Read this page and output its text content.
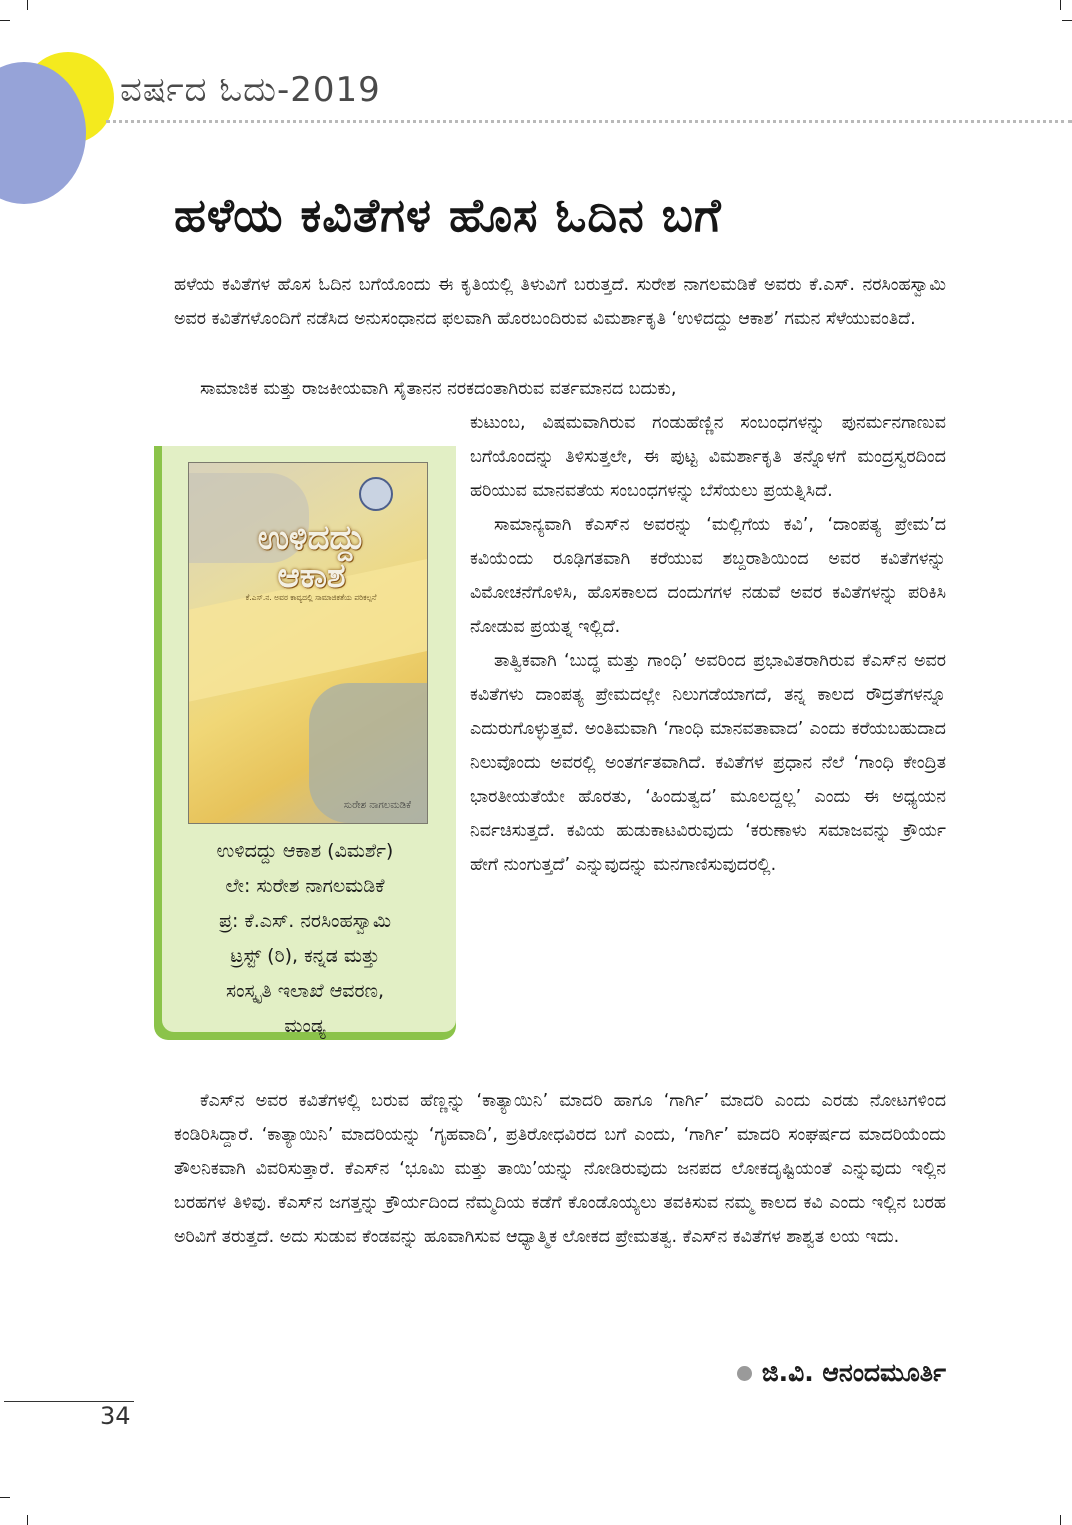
ವರ್ಷದ ಓದು-2019
ಹಳೆಯ ಕವಿತೆಗಳ ಹೊಸ ಓದಿನ ಬಗೆ

ಹಳೆಯ ಕವಿತೆಗಳ ಹೊಸ ಓದಿನ ಬಗೆಯೊಂದು ಈ ಕೃತಿಯಲ್ಲಿ ತಿಳುವಿಗೆ ಬರುತ್ತದೆ. ಸುರೇಶ ನಾಗಲಮಡಿಕೆ ಅವರು ಕೆ.ಎಸ್. ನರಸಿಂಹಸ್ವಾಮಿ ಅವರ ಕವಿತೆಗಳೊಂದಿಗೆ ನಡೆಸಿದ ಅನುಸಂಧಾನದ ಫಲವಾಗಿ ಹೊರಬಂದಿರುವ ವಿಮರ್ಶಾಕೃತಿ ‘ಉಳಿದದ್ದು ಆಕಾಶ’ ಗಮನ ಸೆಳೆಯುವಂತಿದೆ.

ಸಾಮಾಜಿಕ ಮತ್ತು ರಾಜಕೀಯವಾಗಿ ಸೈತಾನನ ನರಕದಂತಾಗಿರುವ ವರ್ತಮಾನದ ಬದುಕು,

ಕುಟುಂಬ, ವಿಷಮವಾಗಿರುವ ಗಂಡುಹೆಣ್ಣಿನ ಸಂಬಂಧಗಳನ್ನು ಪುನರ್ಮನಗಾಣುವ ಬಗೆಯೊಂದನ್ನು ತಿಳಿಸುತ್ತಲೇ, ಈ ಪುಟ್ಟ ವಿಮರ್ಶಾಕೃತಿ ತನ್ನೊಳಗೆ ಮಂದ್ರಸ್ವರದಿಂದ ಹರಿಯುವ ಮಾನವತೆಯ ಸಂಬಂಧಗಳನ್ನು ಬೆಸೆಯಲು ಪ್ರಯತ್ನಿಸಿದೆ.

ಸಾಮಾನ್ಯವಾಗಿ ಕೆಎಸ್‌ನ ಅವರನ್ನು ‘ಮಲ್ಲಿಗೆಯ ಕವಿ’, ‘ದಾಂಪತ್ಯ ಪ್ರೇಮ’ದ ಕವಿಯೆಂದು ರೂಢಿಗತವಾಗಿ ಕರೆಯುವ ಶಬ್ದರಾಶಿಯಿಂದ ಅವರ ಕವಿತೆಗಳನ್ನು ವಿಮೋಚನೆಗೊಳಿಸಿ, ಹೊಸಕಾಲದ ದಂದುಗಗಳ ನಡುವೆ ಅವರ ಕವಿತೆಗಳನ್ನು ಪರಿಕಿಸಿ ನೋಡುವ ಪ್ರಯತ್ನ ಇಲ್ಲಿದೆ.

ತಾತ್ವಿಕವಾಗಿ ‘ಬುದ್ಧ ಮತ್ತು ಗಾಂಧಿ’ ಅವರಿಂದ ಪ್ರಭಾವಿತರಾಗಿರುವ ಕೆಎಸ್‌ನ ಅವರ ಕವಿತೆಗಳು ದಾಂಪತ್ಯ ಪ್ರೇಮದಲ್ಲೇ ನಿಲುಗಡೆಯಾಗದೆ, ತನ್ನ ಕಾಲದ ರೌದ್ರತೆಗಳನ್ನೂ ಎದುರುಗೊಳ್ಳುತ್ತವೆ. ಅಂತಿಮವಾಗಿ ‘ಗಾಂಧಿ ಮಾನವತಾವಾದ’ ಎಂದು ಕರೆಯಬಹುದಾದ ನಿಲುವೊಂದು ಅವರಲ್ಲಿ ಅಂತರ್ಗತವಾಗಿದೆ. ಕವಿತೆಗಳ ಪ್ರಧಾನ ನೆಲೆ ‘ಗಾಂಧಿ ಕೇಂದ್ರಿತ ಭಾರತೀಯತೆಯೇ ಹೊರತು, ‘ಹಿಂದುತ್ವದ’ ಮೂಲದ್ದಲ್ಲ’ ಎಂದು ಈ ಅಧ್ಯಯನ ನಿರ್ವಚಿಸುತ್ತದೆ. ಕವಿಯ ಹುಡುಕಾಟವಿರುವುದು ‘ಕರುಣಾಳು ಸಮಾಜವನ್ನು ಕ್ರೌರ್ಯ ಹೇಗೆ ನುಂಗುತ್ತದೆ’ ಎನ್ನುವುದನ್ನು ಮನಗಾಣಿಸುವುದರಲ್ಲಿ.

ಉಳಿದದ್ದು
ಆಕಾಶ
ಕೆ.ಎಸ್.ನ. ಅವರ ಕಾವ್ಯದಲ್ಲಿ ಸಾಮಾಜಿಕತೆಯ ಪರಿಕಲ್ಪನೆ
ಸುರೇಶ ನಾಗಲಮಡಿಕೆ
ಉಳಿದದ್ದು ಆಕಾಶ (ವಿಮರ್ಶೆ)
ಲೇ: ಸುರೇಶ ನಾಗಲಮಡಿಕೆ
ಪ್ರ: ಕೆ.ಎಸ್. ನರಸಿಂಹಸ್ವಾಮಿ
ಟ್ರಸ್ಟ್ (ರಿ), ಕನ್ನಡ ಮತ್ತು
ಸಂಸ್ಕೃತಿ ಇಲಾಖೆ ಆವರಣ,
ಮಂಡ್ಯ

ಕೆಎಸ್‌ನ ಅವರ ಕವಿತೆಗಳಲ್ಲಿ ಬರುವ ಹೆಣ್ಣನ್ನು ‘ಕಾತ್ಯಾಯಿನಿ’ ಮಾದರಿ ಹಾಗೂ ‘ಗಾರ್ಗಿ’ ಮಾದರಿ ಎಂದು ಎರಡು ನೋಟಗಳಿಂದ ಕಂಡಿರಿಸಿದ್ದಾರೆ. ‘ಕಾತ್ಯಾಯಿನಿ’ ಮಾದರಿಯನ್ನು ‘ಗೃಹವಾದಿ’, ಪ್ರತಿರೋಧವಿರದ ಬಗೆ ಎಂದು, ‘ಗಾರ್ಗಿ’ ಮಾದರಿ ಸಂಘರ್ಷದ ಮಾದರಿಯೆಂದು ತೌಲನಿಕವಾಗಿ ವಿವರಿಸುತ್ತಾರೆ. ಕೆಎಸ್‌ನ ‘ಭೂಮಿ ಮತ್ತು ತಾಯಿ’ಯನ್ನು ನೋಡಿರುವುದು ಜನಪದ ಲೋಕದೃಷ್ಟಿಯಂತೆ ಎನ್ನುವುದು ಇಲ್ಲಿನ ಬರಹಗಳ ತಿಳಿವು. ಕೆಎಸ್‌ನ ಜಗತ್ತನ್ನು ಕ್ರೌರ್ಯದಿಂದ ನೆಮ್ಮದಿಯ ಕಡೆಗೆ ಕೊಂಡೊಯ್ಯಲು ತವಕಿಸುವ ನಮ್ಮ ಕಾಲದ ಕವಿ ಎಂದು ಇಲ್ಲಿನ ಬರಹ ಅರಿವಿಗೆ ತರುತ್ತದೆ. ಅದು ಸುಡುವ ಕೆಂಡವನ್ನು ಹೂವಾಗಿಸುವ ಆಧ್ಯಾತ್ಮಿಕ ಲೋಕದ ಪ್ರೇಮತತ್ವ. ಕೆಎಸ್‌ನ ಕವಿತೆಗಳ ಶಾಶ್ವತ ಲಯ ಇದು.

ಜಿ.ವಿ. ಆನಂದಮೂರ್ತಿ
34
